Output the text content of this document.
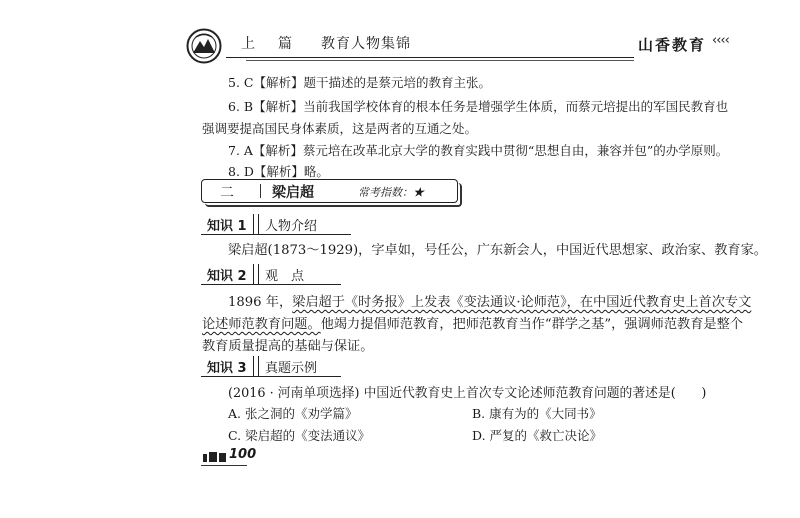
上 篇 教育人物集锦	山香教育 ‹‹‹‹
5. C【解析】题干描述的是蔡元培的教育主张。
6. B【解析】当前我国学校体育的根本任务是增强学生体质，而蔡元培提出的军国民教育也
强调要提高国民身体素质，这是两者的互通之处。
7. A【解析】蔡元培在改革北京大学的教育实践中贯彻“思想自由，兼容并包”的办学原则。
8. D【解析】略。
二	梁启超	常考指数：★
知识 1 人物介绍
梁启超(1873～1929)，字卓如，号任公，广东新会人，中国近代思想家、政治家、教育家。
知识 2 观　点
1896 年，梁启超于《时务报》上发表《变法通议·论师范》，在中国近代教育史上首次专文
论述师范教育问题。他竭力提倡师范教育，把师范教育当作“群学之基”，强调师范教育是整个
教育质量提高的基础与保证。
知识 3 真题示例
(2016 · 河南单项选择) 中国近代教育史上首次专文论述师范教育问题的著述是(　　)
A. 张之洞的《劝学篇》	B. 康有为的《大同书》
C. 梁启超的《变法通议》	D. 严复的《救亡决论》
100
